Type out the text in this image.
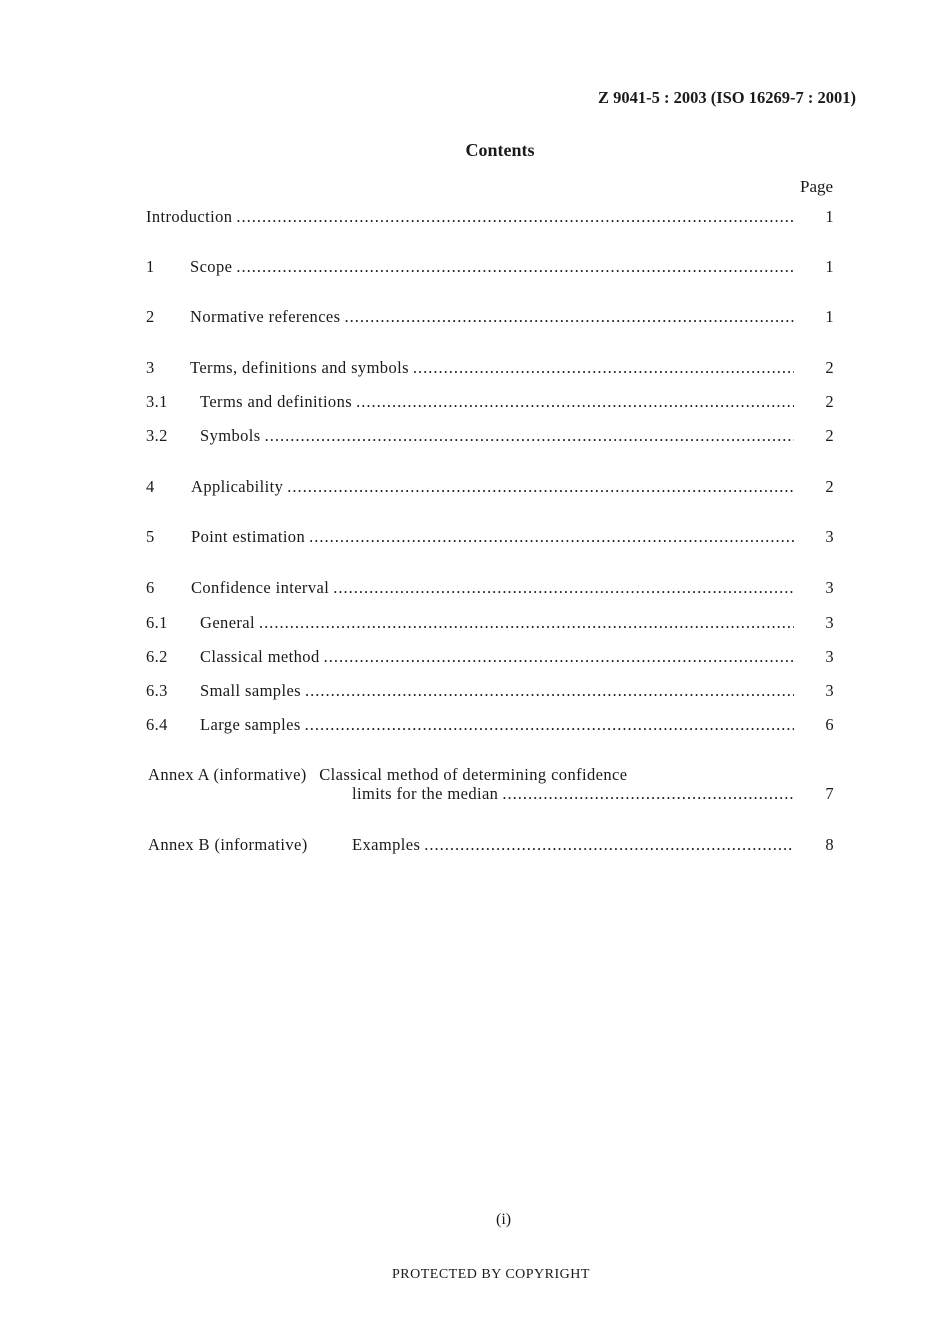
Z 9041-5 : 2003 (ISO 16269-7 : 2001)
Contents
Page
Introduction .....	1
1 Scope .....	1
2 Normative references .....	1
3 Terms, definitions and symbols .....	2
3.1 Terms and definitions .....	2
3.2 Symbols .....	2
4 Applicability .....	2
5 Point estimation .....	3
6 Confidence interval .....	3
6.1 General .....	3
6.2 Classical method .....	3
6.3 Small samples .....	3
6.4 Large samples .....	6
Annex A (informative) Classical method of determining confidence
limits for the median .....	7
Annex B (informative)	Examples .....	8
(i)
PROTECTED BY COPYRIGHT
